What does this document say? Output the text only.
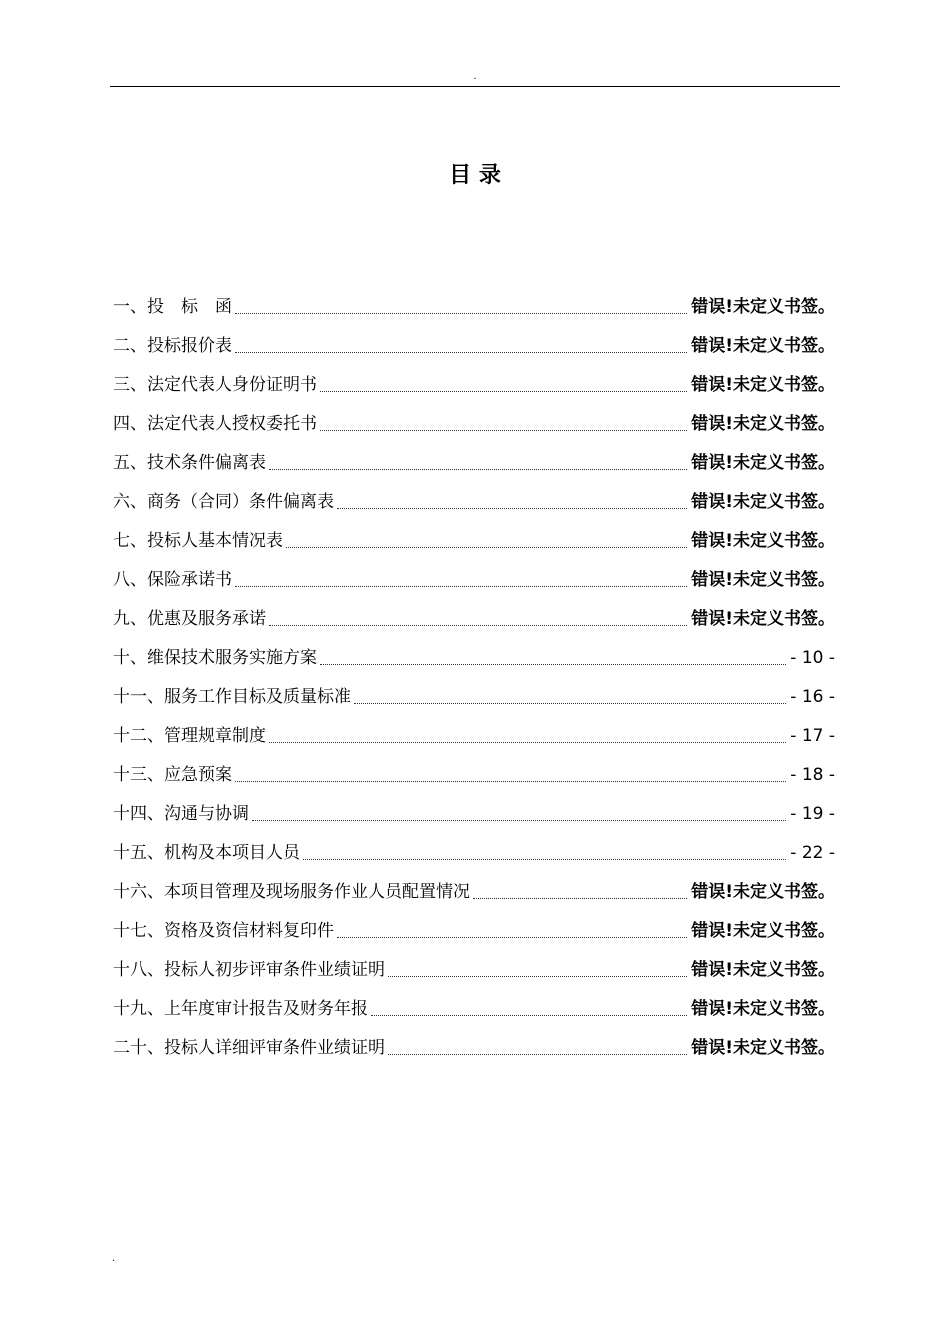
.
目 录
一、投　标　函	错误!未定义书签。
二、投标报价表	错误!未定义书签。
三、法定代表人身份证明书	错误!未定义书签。
四、法定代表人授权委托书	错误!未定义书签。
五、技术条件偏离表	错误!未定义书签。
六、商务（合同）条件偏离表	错误!未定义书签。
七、投标人基本情况表	错误!未定义书签。
八、保险承诺书	错误!未定义书签。
九、优惠及服务承诺	错误!未定义书签。
十、维保技术服务实施方案	- 10 -
十一、服务工作目标及质量标准	- 16 -
十二、管理规章制度	- 17 -
十三、应急预案	- 18 -
十四、沟通与协调	- 19 -
十五、机构及本项目人员	- 22 -
十六、本项目管理及现场服务作业人员配置情况	错误!未定义书签。
十七、资格及资信材料复印件	错误!未定义书签。
十八、投标人初步评审条件业绩证明	错误!未定义书签。
十九、上年度审计报告及财务年报	错误!未定义书签。
二十、投标人详细评审条件业绩证明	错误!未定义书签。
.
